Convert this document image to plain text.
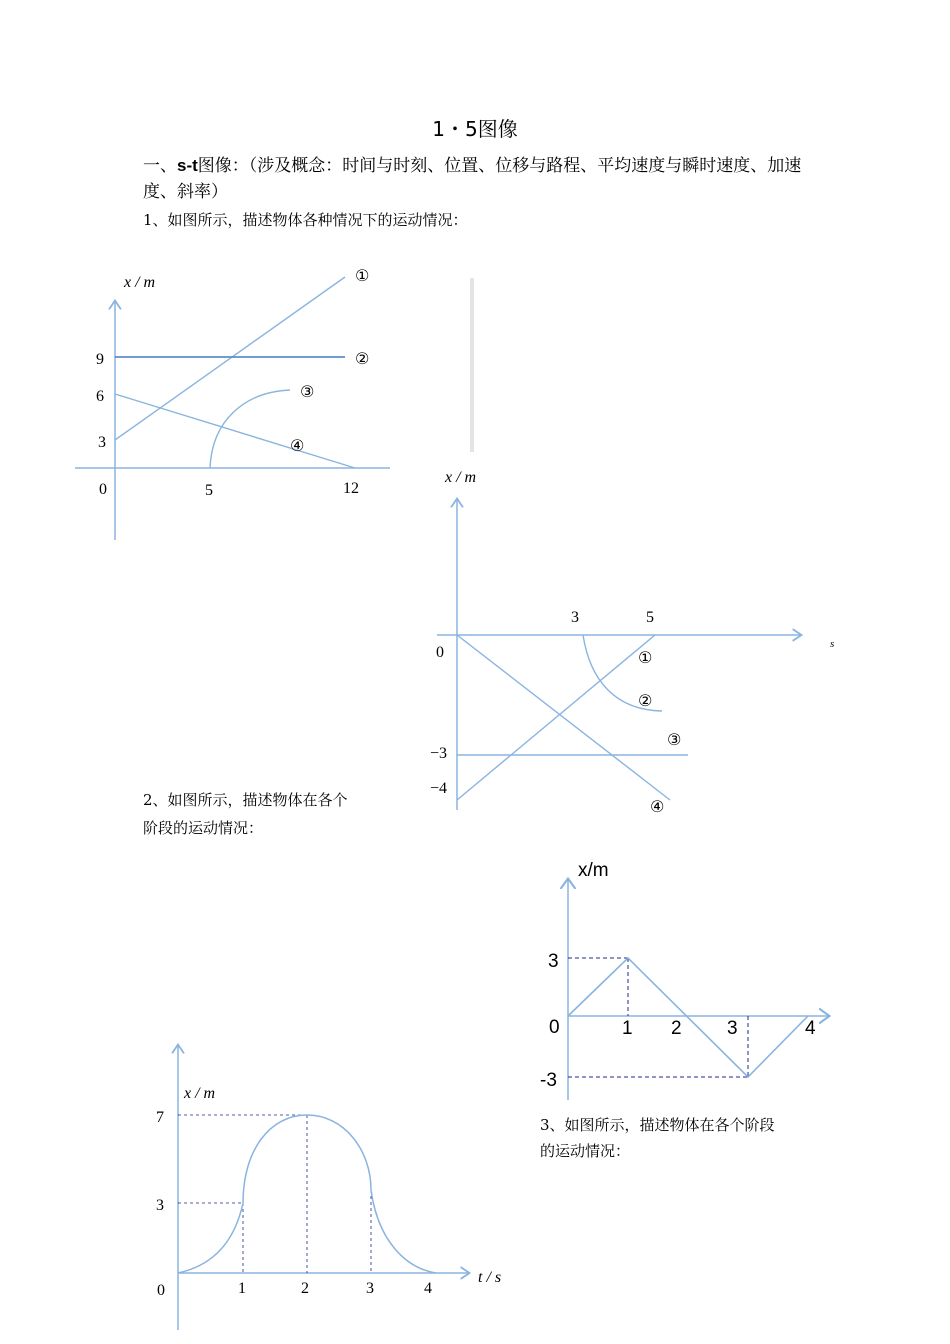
1・5图像
一、s-t图像：（涉及概念：时间与时刻、位置、位移与路程、平均速度与瞬时速度、加速度、斜率）
1、如图所示，描述物体各种情况下的运动情况：
2、如图所示，描述物体在各个
阶段的运动情况：
3、如图所示，描述物体在各个阶段
的运动情况：
x / m
9
6
3
0	5	12
①
②
③
④
x / m
3	5
0
−3
−4
s
①
②
③
④
x/m
3
0
-3
1 2 3	4
x / m
t / s
7
3
0	1	2	3	4
